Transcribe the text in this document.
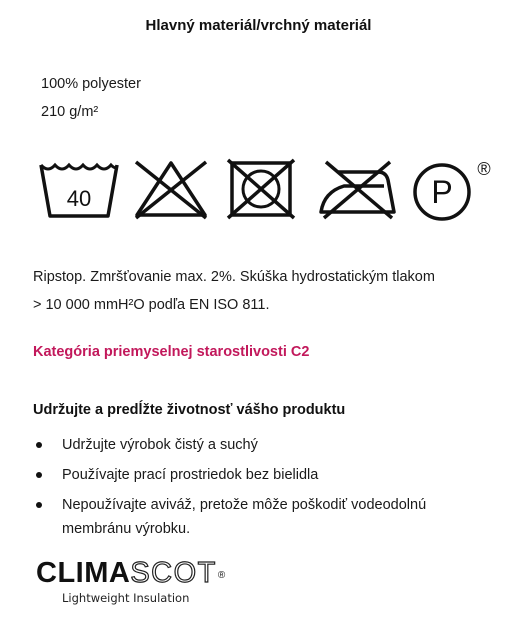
Hlavný materiál/vrchný materiál
100% polyester
210 g/m²
40	P
®
Ripstop. Zmršťovanie max. 2%. Skúška hydrostatickým tlakom
> 10 000 mmH²O podľa EN ISO 811.
Kategória priemyselnej starostlivosti C2
Udržujte a predĺžte životnosť vášho produktu
Udržujte výrobok čistý a suchý
Používajte prací prostriedok bez bielidla
Nepoužívajte aviváž, pretože môže poškodiť vodeodolnú membránu výrobku.
CLIMASCOT®
Lightweight Insulation
